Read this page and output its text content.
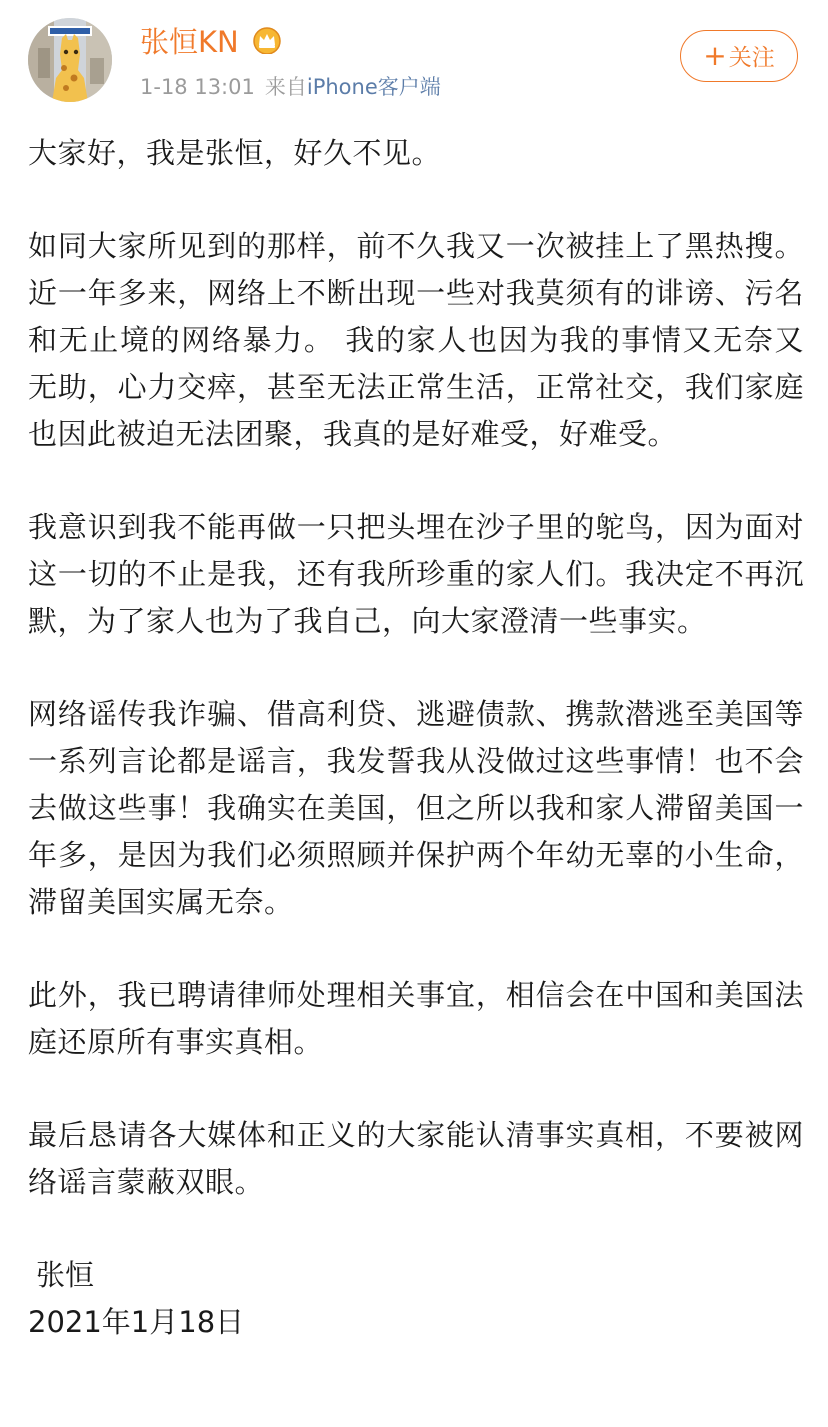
张恒KN
1-18 13:01 来自iPhone客户端
+关注

大家好，我是张恒，好久不见。

如同大家所见到的那样，前不久我又一次被挂上了黑热搜。近一年多来，网络上不断出现一些对我莫须有的诽谤、污名和无止境的网络暴力。 我的家人也因为我的事情又无奈又无助，心力交瘁，甚至无法正常生活，正常社交，我们家庭也因此被迫无法团聚，我真的是好难受，好难受。

我意识到我不能再做一只把头埋在沙子里的鸵鸟，因为面对这一切的不止是我，还有我所珍重的家人们。我决定不再沉默，为了家人也为了我自己，向大家澄清一些事实。

网络谣传我诈骗、借高利贷、逃避债款、携款潜逃至美国等一系列言论都是谣言，我发誓我从没做过这些事情！也不会去做这些事！我确实在美国，但之所以我和家人滞留美国一年多，是因为我们必须照顾并保护两个年幼无辜的小生命，滞留美国实属无奈。

此外，我已聘请律师处理相关事宜，相信会在中国和美国法庭还原所有事实真相。

最后恳请各大媒体和正义的大家能认清事实真相，不要被网络谣言蒙蔽双眼。

张恒

2021年1月18日
